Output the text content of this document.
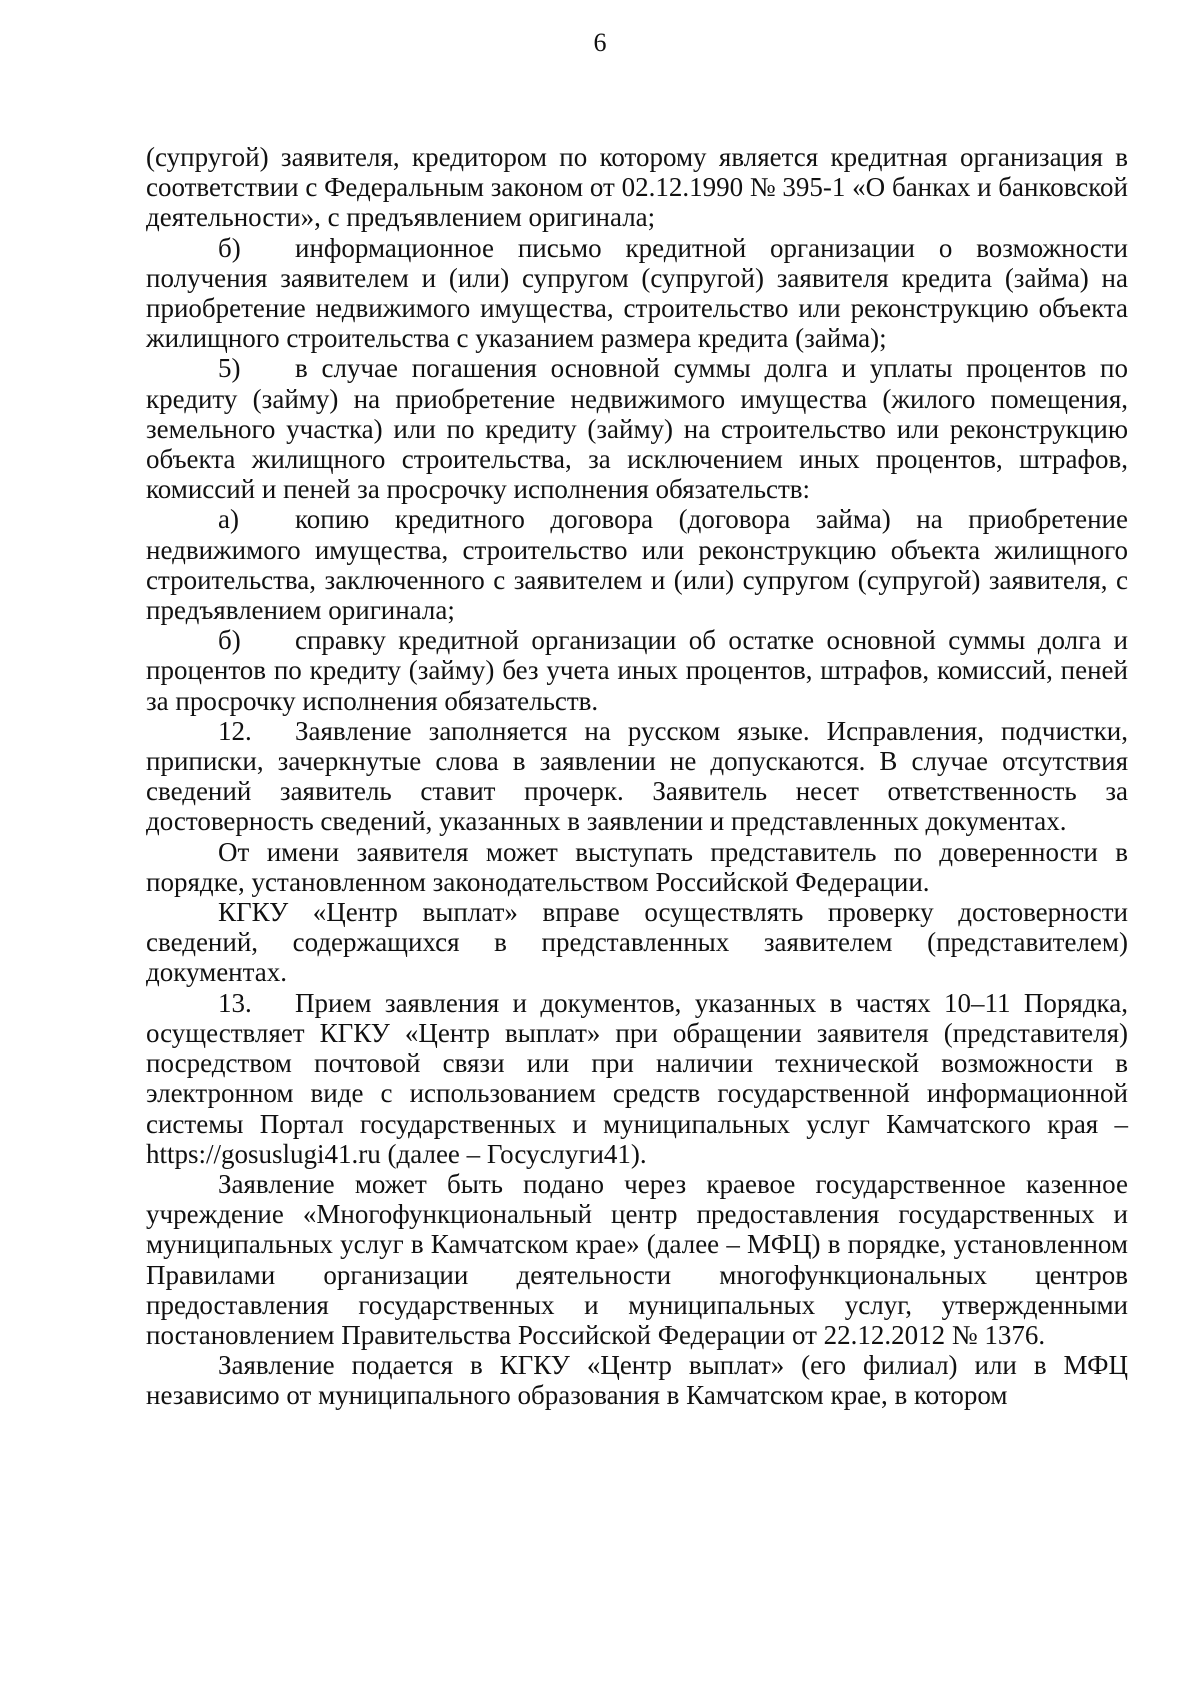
6

(супругой) заявителя, кредитором по которому является кредитная организация в соответствии с Федеральным законом от 02.12.1990 № 395-1 «О банках и банковской деятельности», с предъявлением оригинала;

б) информационное письмо кредитной организации о возможности получения заявителем и (или) супругом (супругой) заявителя кредита (займа) на приобретение недвижимого имущества, строительство или реконструкцию объекта жилищного строительства с указанием размера кредита (займа);

5) в случае погашения основной суммы долга и уплаты процентов по кредиту (займу) на приобретение недвижимого имущества (жилого помещения, земельного участка) или по кредиту (займу) на строительство или реконструкцию объекта жилищного строительства, за исключением иных процентов, штрафов, комиссий и пеней за просрочку исполнения обязательств:

а) копию кредитного договора (договора займа) на приобретение недвижимого имущества, строительство или реконструкцию объекта жилищного строительства, заключенного с заявителем и (или) супругом (супругой) заявителя, с предъявлением оригинала;

б) справку кредитной организации об остатке основной суммы долга и процентов по кредиту (займу) без учета иных процентов, штрафов, комиссий, пеней за просрочку исполнения обязательств.

12. Заявление заполняется на русском языке. Исправления, подчистки, приписки, зачеркнутые слова в заявлении не допускаются. В случае отсутствия сведений заявитель ставит прочерк. Заявитель несет ответственность за достоверность сведений, указанных в заявлении и представленных документах.

От имени заявителя может выступать представитель по доверенности в порядке, установленном законодательством Российской Федерации.

КГКУ «Центр выплат» вправе осуществлять проверку достоверности сведений, содержащихся в представленных заявителем (представителем) документах.

13. Прием заявления и документов, указанных в частях 10–11 Порядка, осуществляет КГКУ «Центр выплат» при обращении заявителя (представителя) посредством почтовой связи или при наличии технической возможности в электронном виде с использованием средств государственной информационной системы Портал государственных и муниципальных услуг Камчатского края – https://gosuslugi41.ru (далее – Госуслуги41).

Заявление может быть подано через краевое государственное казенное учреждение «Многофункциональный центр предоставления государственных и муниципальных услуг в Камчатском крае» (далее – МФЦ) в порядке, установленном Правилами организации деятельности многофункциональных центров предоставления государственных и муниципальных услуг, утвержденными постановлением Правительства Российской Федерации от 22.12.2012 № 1376.

Заявление подается в КГКУ «Центр выплат» (его филиал) или в МФЦ независимо от муниципального образования в Камчатском крае, в котором
